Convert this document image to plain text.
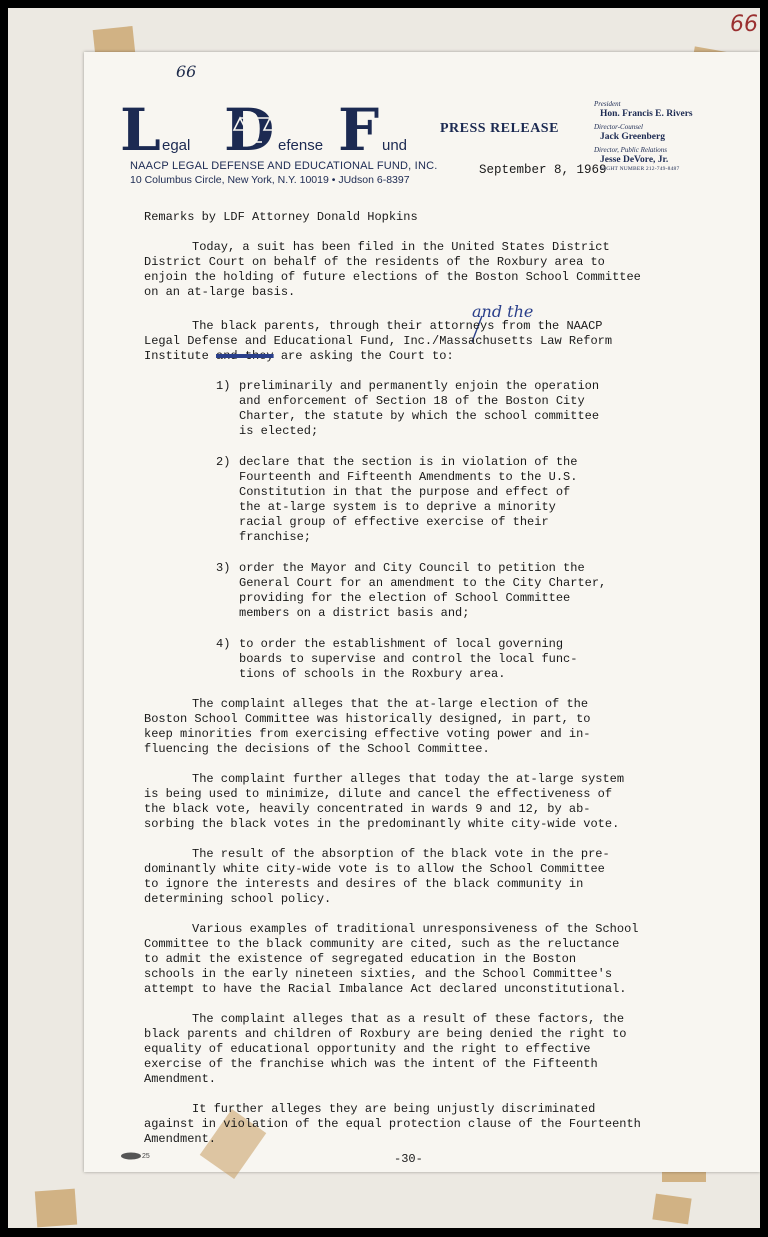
66
66
and the
L D F
egal	efense	und
NAACP LEGAL DEFENSE AND EDUCATIONAL FUND, INC.
10 Columbus Circle, New York, N.Y. 10019 • JUdson 6-8397
PRESS RELEASE
September 8, 1969
President
Hon. Francis E. Rivers
Director-Counsel
Jack Greenberg
Director, Public Relations
Jesse DeVore, Jr.
NIGHT NUMBER 212-749-8487

Remarks by LDF Attorney Donald Hopkins

Today, a suit has been filed in the United States District
District Court on behalf of the residents of the Roxbury area to
enjoin the holding of future elections of the Boston School Committee
on an at-large basis.

The black parents, through their attorneys from the NAACP
Legal Defense and Educational Fund, Inc./Massachusetts Law Reform
Institute and they are asking the Court to:

1) preliminarily and permanently enjoin the operation
and enforcement of Section 18 of the Boston City
Charter, the statute by which the school committee
is elected;
2) declare that the section is in violation of the
Fourteenth and Fifteenth Amendments to the U.S.
Constitution in that the purpose and effect of
the at-large system is to deprive a minority
racial group of effective exercise of their
franchise;
3) order the Mayor and City Council to petition the
General Court for an amendment to the City Charter,
providing for the election of School Committee
members on a district basis and;
4) to order the establishment of local governing
boards to supervise and control the local func-
tions of schools in the Roxbury area.

The complaint alleges that the at-large election of the
Boston School Committee was historically designed, in part, to
keep minorities from exercising effective voting power and in-
fluencing the decisions of the School Committee.

The complaint further alleges that today the at-large system
is being used to minimize, dilute and cancel the effectiveness of
the black vote, heavily concentrated in wards 9 and 12, by ab-
sorbing the black votes in the predominantly white city-wide vote.

The result of the absorption of the black vote in the pre-
dominantly white city-wide vote is to allow the School Committee
to ignore the interests and desires of the black community in
determining school policy.

Various examples of traditional unresponsiveness of the School
Committee to the black community are cited, such as the reluctance
to admit the existence of segregated education in the Boston
schools in the early nineteen sixties, and the School Committee's
attempt to have the Racial Imbalance Act declared unconstitutional.

The complaint alleges that as a result of these factors, the
black parents and children of Roxbury are being denied the right to
equality of educational opportunity and the right to effective
exercise of the franchise which was the intent of the Fifteenth
Amendment.

It further alleges they are being unjustly discriminated
against in violation of the equal protection clause of the Fourteenth
Amendment.

25	-30-
